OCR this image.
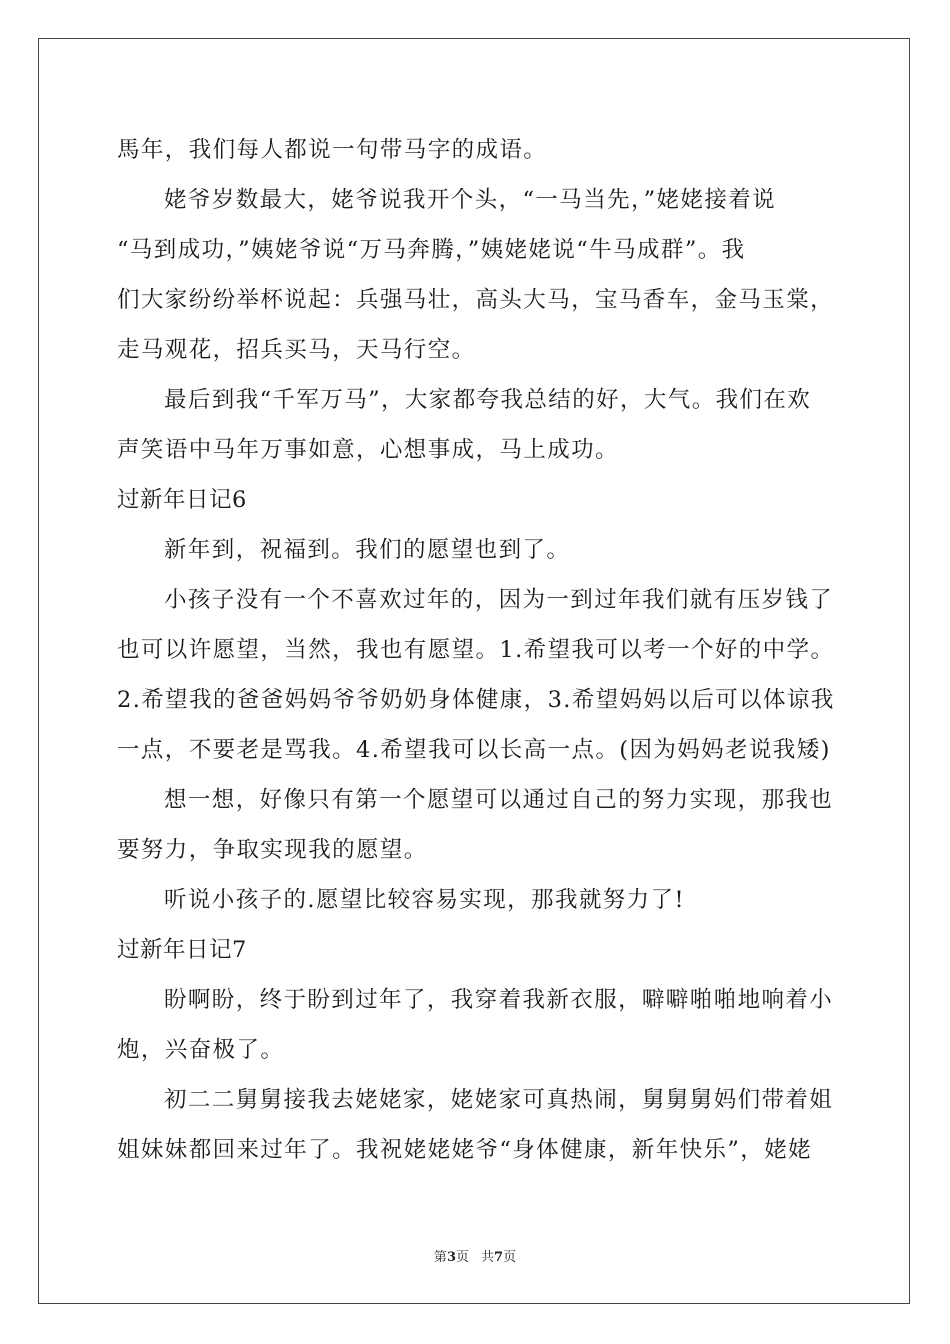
馬年，我们每人都说一句带马字的成语。
姥爷岁数最大，姥爷说我开个头，“一马当先，”姥姥接着说
“马到成功，”姨姥爷说“万马奔腾，”姨姥姥说“牛马成群”。我
们大家纷纷举杯说起：兵强马壮，高头大马，宝马香车，金马玉棠，
走马观花，招兵买马，天马行空。
最后到我“千军万马”，大家都夸我总结的好，大气。我们在欢
声笑语中马年万事如意，心想事成，马上成功。
过新年日记6
新年到，祝福到。我们的愿望也到了。
小孩子没有一个不喜欢过年的，因为一到过年我们就有压岁钱了
也可以许愿望，当然，我也有愿望。1.希望我可以考一个好的中学。
2.希望我的爸爸妈妈爷爷奶奶身体健康，3.希望妈妈以后可以体谅我
一点，不要老是骂我。4.希望我可以长高一点。(因为妈妈老说我矮)
想一想，好像只有第一个愿望可以通过自己的努力实现，那我也
要努力，争取实现我的愿望。
听说小孩子的.愿望比较容易实现，那我就努力了!
过新年日记7
盼啊盼，终于盼到过年了，我穿着我新衣服，噼噼啪啪地响着小
炮，兴奋极了。
初二二舅舅接我去姥姥家，姥姥家可真热闹，舅舅舅妈们带着姐
姐妹妹都回来过年了。我祝姥姥姥爷“身体健康，新年快乐”，姥姥
第3页 共7页
